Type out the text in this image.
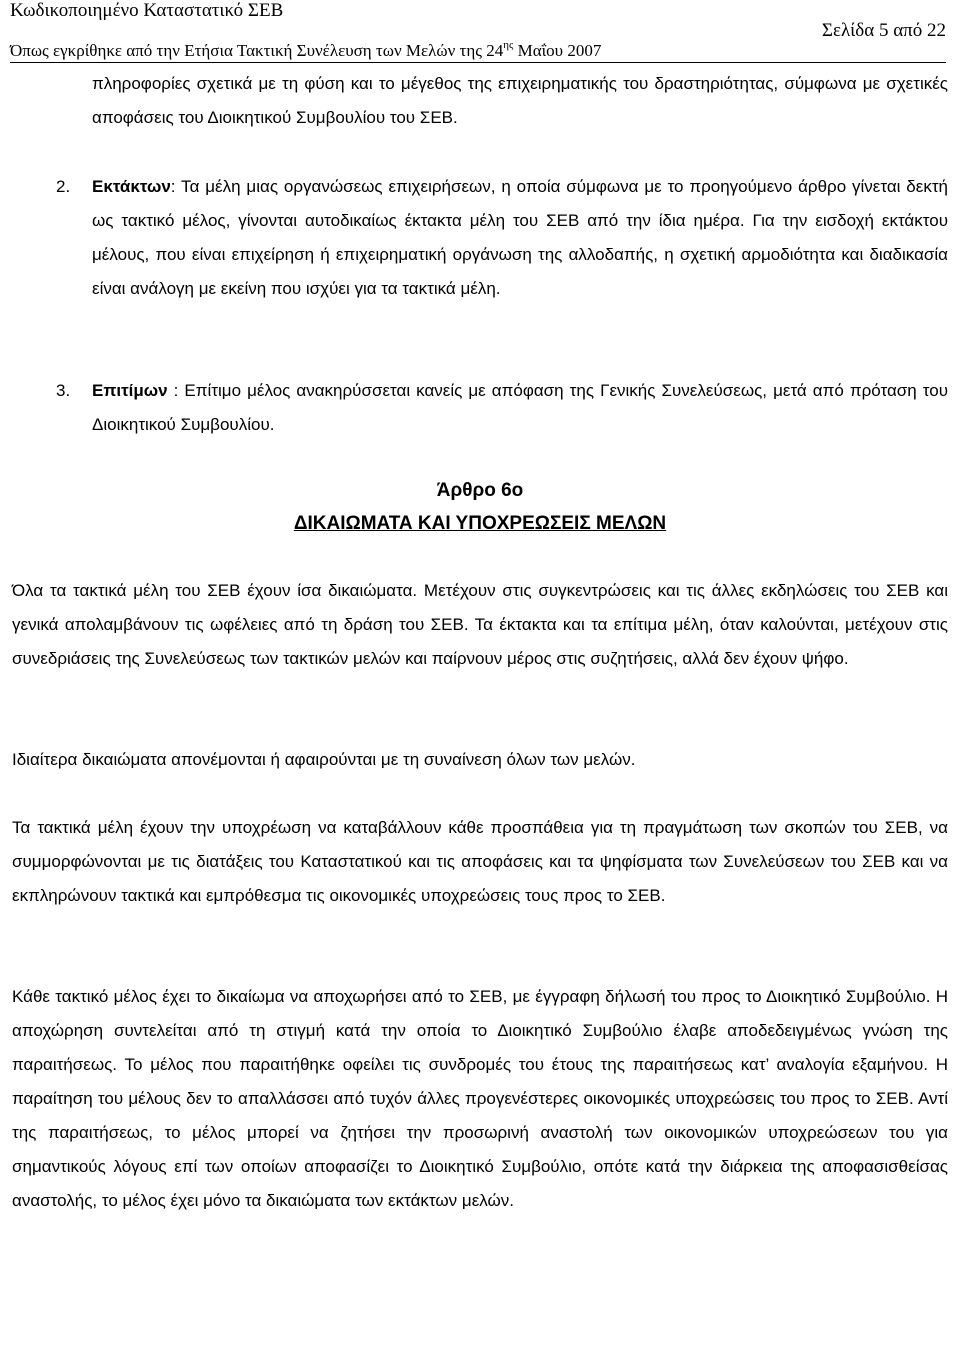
Κωδικοποιημένο Καταστατικό ΣΕΒ
Σελίδα 5 από 22
Όπως εγκρίθηκε από την Ετήσια Τακτική Συνέλευση των Μελών της $24^{\eta\varsigma}$ Μαΐου 2007
πληροφορίες σχετικά με τη φύση και το μέγεθος της επιχειρηματικής του δραστηριότητας, σύμφωνα με σχετικές αποφάσεις του Διοικητικού Συμβουλίου του ΣΕΒ.
2. Εκτάκτων: Τα μέλη μιας οργανώσεως επιχειρήσεων, η οποία σύμφωνα με το προηγούμενο άρθρο γίνεται δεκτή ως τακτικό μέλος, γίνονται αυτοδικαίως έκτακτα μέλη του ΣΕΒ από την ίδια ημέρα. Για την εισδοχή εκτάκτου μέλους, που είναι επιχείρηση ή επιχειρηματική οργάνωση της αλλοδαπής, η σχετική αρμοδιότητα και διαδικασία είναι ανάλογη με εκείνη που ισχύει για τα τακτικά μέλη.
3. Επιτίμων : Επίτιμο μέλος ανακηρύσσεται κανείς με απόφαση της Γενικής Συνελεύσεως, μετά από πρόταση του Διοικητικού Συμβουλίου.
Άρθρο 6ο
ΔΙΚΑΙΩΜΑΤΑ ΚΑΙ ΥΠΟΧΡΕΩΣΕΙΣ ΜΕΛΩΝ
Όλα τα τακτικά μέλη του ΣΕΒ έχουν ίσα δικαιώματα. Μετέχουν στις συγκεντρώσεις και τις άλλες εκδηλώσεις του ΣΕΒ και γενικά απολαμβάνουν τις ωφέλειες από τη δράση του ΣΕΒ. Τα έκτακτα και τα επίτιμα μέλη, όταν καλούνται, μετέχουν στις συνεδριάσεις της Συνελεύσεως των τακτικών μελών και παίρνουν μέρος στις συζητήσεις, αλλά δεν έχουν ψήφο.
Ιδιαίτερα δικαιώματα απονέμονται ή αφαιρούνται με τη συναίνεση όλων των μελών.
Τα τακτικά μέλη έχουν την υποχρέωση να καταβάλλουν κάθε προσπάθεια για τη πραγμάτωση των σκοπών του ΣΕΒ, να συμμορφώνονται με τις διατάξεις του Καταστατικού και τις αποφάσεις και τα ψηφίσματα των Συνελεύσεων του ΣΕΒ και να εκπληρώνουν τακτικά και εμπρόθεσμα τις οικονομικές υποχρεώσεις τους προς το ΣΕΒ.
Κάθε τακτικό μέλος έχει το δικαίωμα να αποχωρήσει από το ΣΕΒ, με έγγραφη δήλωσή του προς το Διοικητικό Συμβούλιο. Η αποχώρηση συντελείται από τη στιγμή κατά την οποία το Διοικητικό Συμβούλιο έλαβε αποδεδειγμένως γνώση της παραιτήσεως. Το μέλος που παραιτήθηκε οφείλει τις συνδρομές του έτους της παραιτήσεως κατ’ αναλογία εξαμήνου. Η παραίτηση του μέλους δεν το απαλλάσσει από τυχόν άλλες προγενέστερες οικονομικές υποχρεώσεις του προς το ΣΕΒ. Αντί της παραιτήσεως, το μέλος μπορεί να ζητήσει την προσωρινή αναστολή των οικονομικών υποχρεώσεων του για σημαντικούς λόγους επί των οποίων αποφασίζει το Διοικητικό Συμβούλιο, οπότε κατά την διάρκεια της αποφασισθείσας αναστολής, το μέλος έχει μόνο τα δικαιώματα των εκτάκτων μελών.
